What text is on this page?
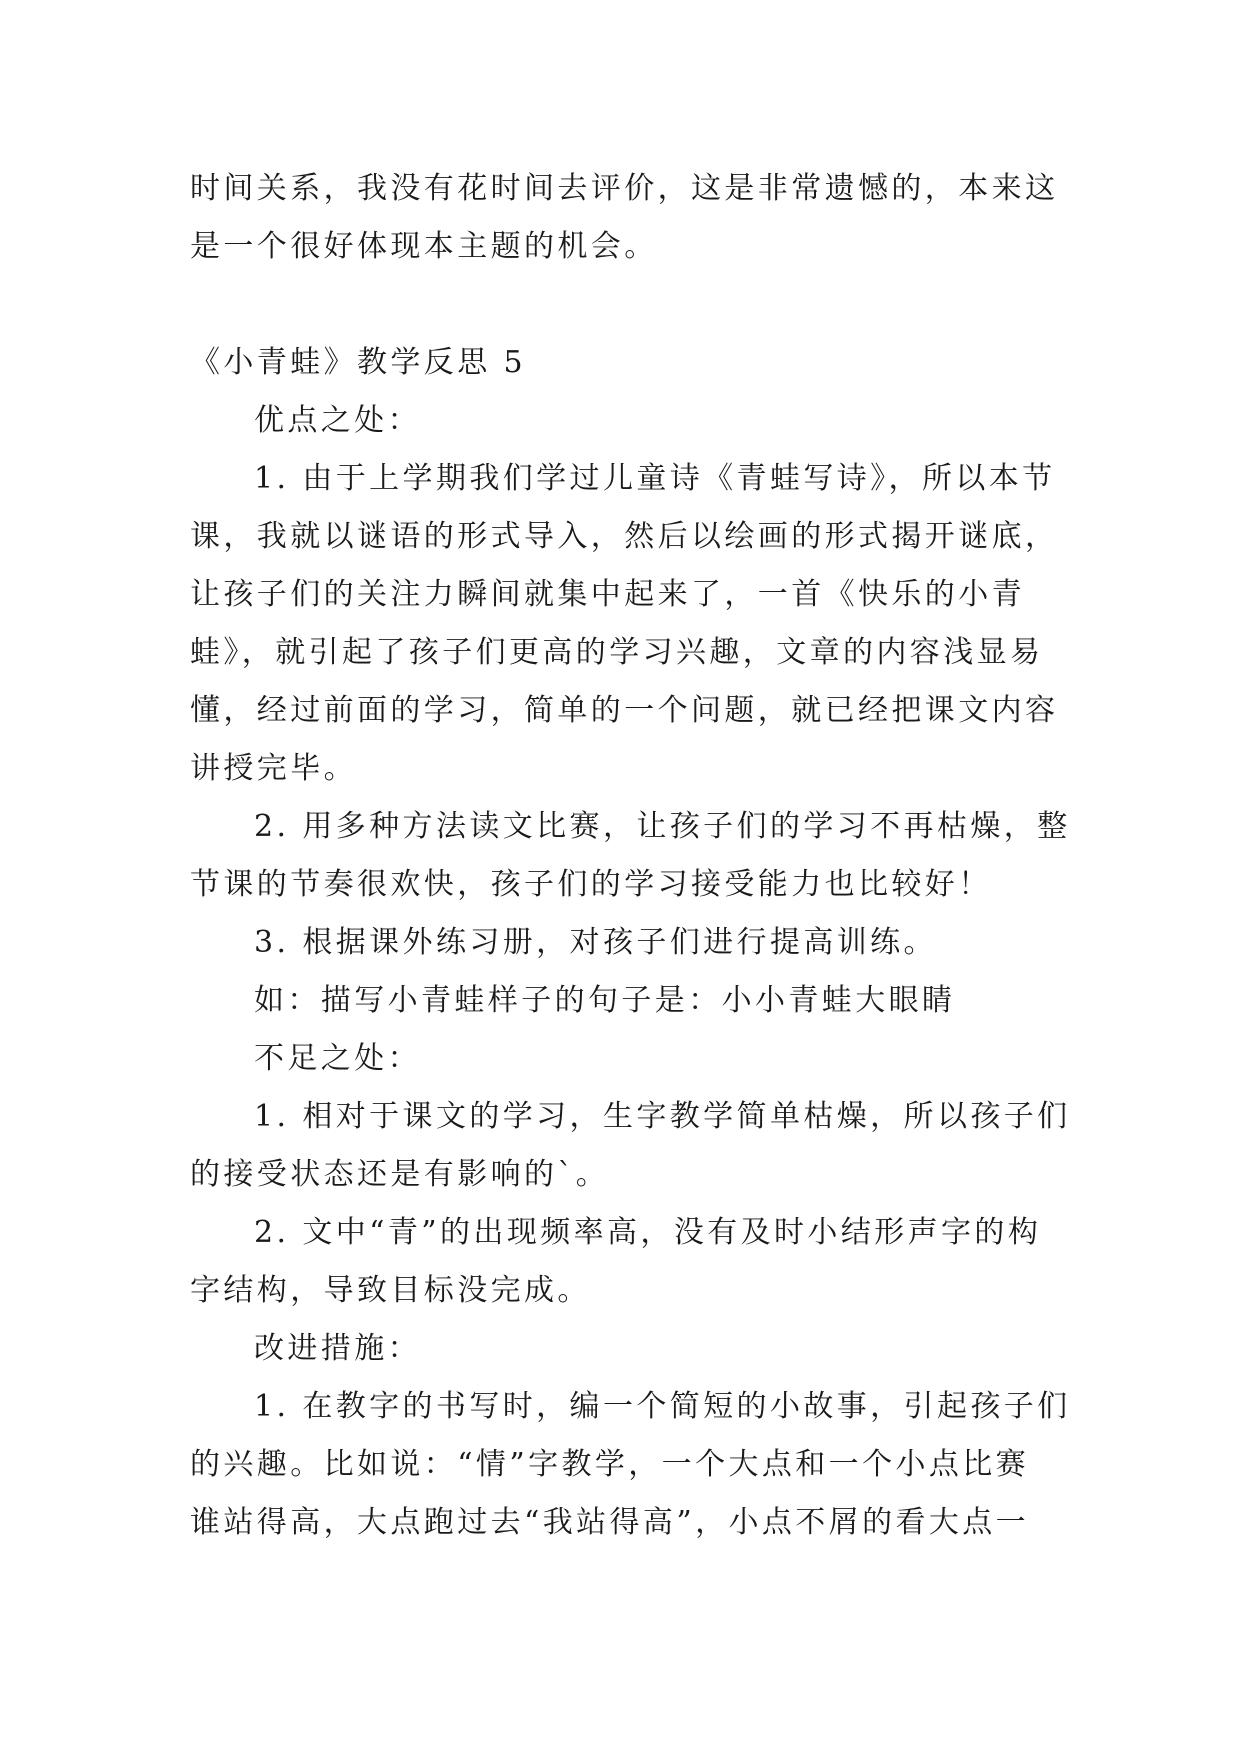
时间关系，我没有花时间去评价，这是非常遗憾的，本来这

是一个很好体现本主题的机会。

《小青蛙》教学反思 5

优点之处：

1. 由于上学期我们学过儿童诗《青蛙写诗》，所以本节

课，我就以谜语的形式导入，然后以绘画的形式揭开谜底，

让孩子们的关注力瞬间就集中起来了，一首《快乐的小青

蛙》，就引起了孩子们更高的学习兴趣，文章的内容浅显易

懂，经过前面的学习，简单的一个问题，就已经把课文内容

讲授完毕。

2. 用多种方法读文比赛，让孩子们的学习不再枯燥，整

节课的节奏很欢快，孩子们的学习接受能力也比较好！

3. 根据课外练习册，对孩子们进行提高训练。

如：描写小青蛙样子的句子是：小小青蛙大眼睛

不足之处：

1. 相对于课文的学习，生字教学简单枯燥，所以孩子们

的接受状态还是有影响的`。

2. 文中“青”的出现频率高，没有及时小结形声字的构

字结构，导致目标没完成。

改进措施：

1. 在教字的书写时，编一个简短的小故事，引起孩子们

的兴趣。比如说：“情”字教学，一个大点和一个小点比赛

谁站得高，大点跑过去“我站得高”，小点不屑的看大点一
